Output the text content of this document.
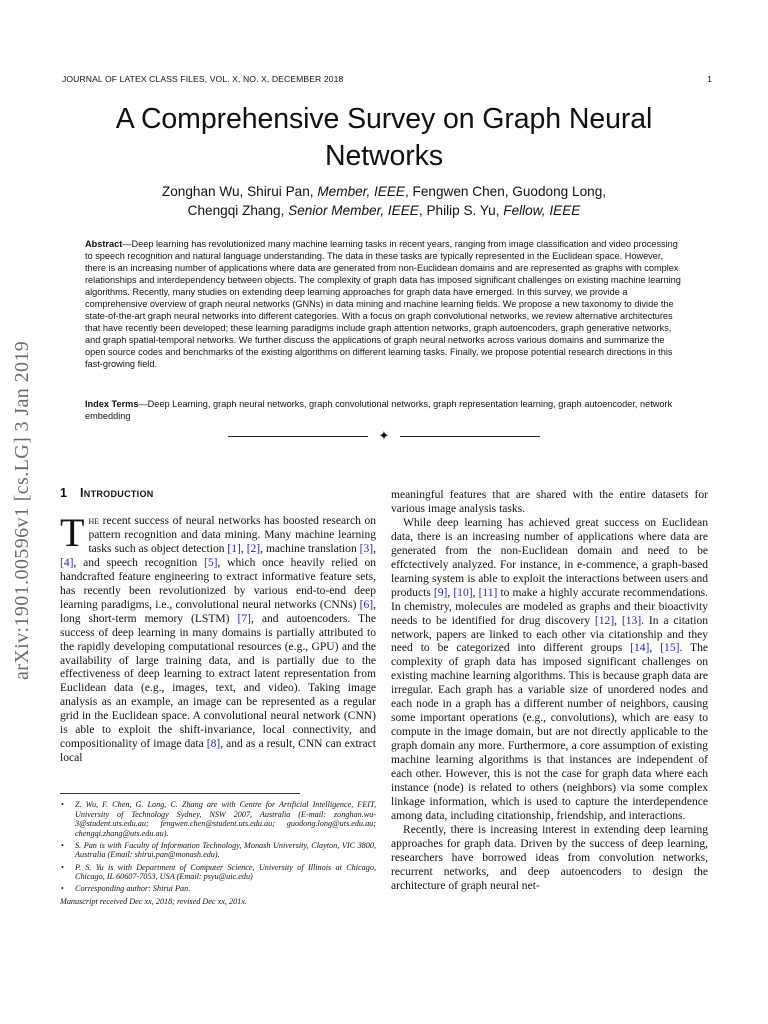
JOURNAL OF LATEX CLASS FILES, VOL. X, NO. X, DECEMBER 2018	1
A Comprehensive Survey on Graph Neural
Networks
Zonghan Wu, Shirui Pan, Member, IEEE, Fengwen Chen, Guodong Long,
Chengqi Zhang, Senior Member, IEEE, Philip S. Yu, Fellow, IEEE
Abstract—Deep learning has revolutionized many machine learning tasks in recent years, ranging from image classification and video processing to speech recognition and natural language understanding. The data in these tasks are typically represented in the Euclidean space. However, there is an increasing number of applications where data are generated from non-Euclidean domains and are represented as graphs with complex relationships and interdependency between objects. The complexity of graph data has imposed significant challenges on existing machine learning algorithms. Recently, many studies on extending deep learning approaches for graph data have emerged. In this survey, we provide a comprehensive overview of graph neural networks (GNNs) in data mining and machine learning fields. We propose a new taxonomy to divide the state-of-the-art graph neural networks into different categories. With a focus on graph convolutional networks, we review alternative architectures that have recently been developed; these learning paradigms include graph attention networks, graph autoencoders, graph generative networks, and graph spatial-temporal networks. We further discuss the applications of graph neural networks across various domains and summarize the open source codes and benchmarks of the existing algorithms on different learning tasks. Finally, we propose potential research directions in this fast-growing field.
Index Terms—Deep Learning, graph neural networks, graph convolutional networks, graph representation learning, graph autoencoder, network embedding
✦
arXiv:1901.00596v1 [cs.LG] 3 Jan 2019	1 Introduction

The recent success of neural networks has boosted research on pattern recognition and data mining. Many machine learning tasks such as object detection [1], [2], machine translation [3], [4], and speech recognition [5], which once heavily relied on handcrafted feature engineering to extract informative feature sets, has recently been revolutionized by various end-to-end deep learning paradigms, i.e., convolutional neural networks (CNNs) [6], long short-term memory (LSTM) [7], and autoencoders. The success of deep learning in many domains is partially attributed to the rapidly developing computational resources (e.g., GPU) and the availability of large training data, and is partially due to the effectiveness of deep learning to extract latent representation from Euclidean data (e.g., images, text, and video). Taking image analysis as an example, an image can be represented as a regular grid in the Euclidean space. A convolutional neural network (CNN) is able to exploit the shift-invariance, local connectivity, and compositionality of image data [8], and as a result, CNN can extract local

• Z. Wu, F. Chen, G. Long, C. Zhang are with Centre for Artificial Intelligence, FEIT, University of Technology Sydney, NSW 2007, Australia (E-mail: zonghan.wu-3@student.uts.edu.au; fengwen.chen@student.uts.edu.au; guodong.long@uts.edu.au; chengqi.zhang@uts.edu.au).
• S. Pan is with Faculty of Information Technology, Monash University, Clayton, VIC 3800, Australia (Email: shirui.pan@monash.edu).
• P. S. Yu is with Department of Computer Science, University of Illinois at Chicago, Chicago, IL 60607-7053, USA (Email: psyu@uic.edu)
• Corresponding author: Shirui Pan.
Manuscript received Dec xx, 2018; revised Dec xx, 201x.

meaningful features that are shared with the entire datasets for various image analysis tasks.

While deep learning has achieved great success on Euclidean data, there is an increasing number of applications where data are generated from the non-Euclidean domain and need to be effctectively analyzed. For instance, in e-commence, a graph-based learning system is able to exploit the interactions between users and products [9], [10], [11] to make a highly accurate recommendations. In chemistry, molecules are modeled as graphs and their bioactivity needs to be identified for drug discovery [12], [13]. In a citation network, papers are linked to each other via citationship and they need to be categorized into different groups [14], [15]. The complexity of graph data has imposed significant challenges on existing machine learning algorithms. This is because graph data are irregular. Each graph has a variable size of unordered nodes and each node in a graph has a different number of neighbors, causing some important operations (e.g., convolutions), which are easy to compute in the image domain, but are not directly applicable to the graph domain any more. Furthermore, a core assumption of existing machine learning algorithms is that instances are independent of each other. However, this is not the case for graph data where each instance (node) is related to others (neighbors) via some complex linkage information, which is used to capture the interdependence among data, including citationship, friendship, and interactions.

Recently, there is increasing interest in extending deep learning approaches for graph data. Driven by the success of deep learning, researchers have borrowed ideas from convolution networks, recurrent networks, and deep autoencoders to design the architecture of graph neural net-
